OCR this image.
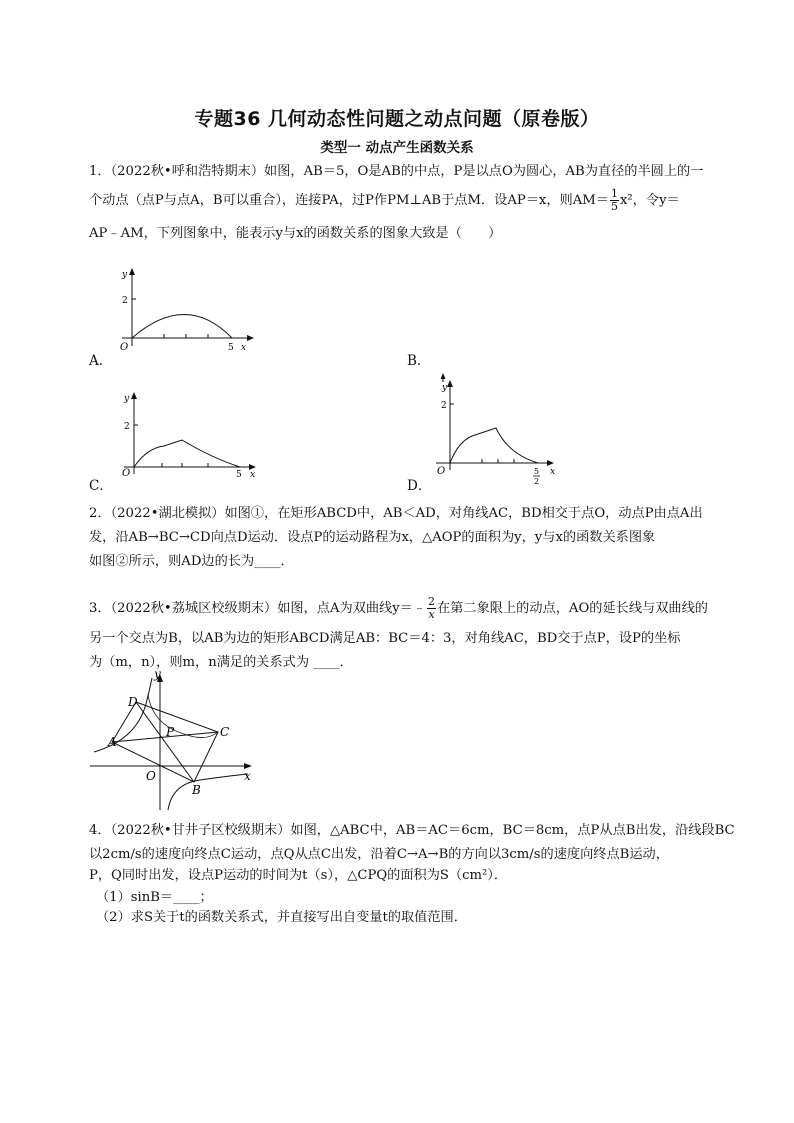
专题36 几何动态性问题之动点问题（原卷版）
类型一 动点产生函数关系
1．（2022秋•呼和浩特期末）如图，AB＝5，O是AB的中点，P是以点O为圆心，AB为直径的半圆上的一
个动点（点P与点A，B可以重合），连接PA，过P作PM⊥AB于点M．设AP＝x，则$AM= \frac{1}{5} x^2$，令y＝
AP﹣AM，下列图象中，能表示y与x的函数关系的图象大致是（　　）
y
2
O	5 x
A．	B．
y
2
O	5 x
C．
y
2
O	5
2
x
D．
2．（2022•湖北模拟）如图①，在矩形ABCD中，AB＜AD，对角线AC，BD相交于点O，动点P由点A出
发，沿AB→BC→CD向点D运动．设点P的运动路程为x，△AOP的面积为y，y与x的函数关系图象
如图②所示，则AD边的长为____．
3．（2022秋•荔城区校级期末）如图，点A为双曲线y＝﹣ $\frac{2}{x}$ 在第二象限上的动点，AO的延长线与双曲线的
另一个交点为B，以AB为边的矩形ABCD满足AB：BC＝4：3，对角线AC，BD交于点P，设P的坐标
为（m，n），则m，n满足的关系式为 ____．
y
x
O
A
B
C
D
P
4．（2022秋•甘井子区校级期末）如图，△ABC中，AB＝AC＝6cm，BC＝8cm，点P从点B出发，沿线段BC
以2cm/s的速度向终点C运动，点Q从点C出发，沿着C→A→B的方向以3cm/s的速度向终点B运动，
P，Q同时出发，设点P运动的时间为t（s），△CPQ的面积为S（cm²）．
（1）sinB＝____；
（2）求S关于t的函数关系式，并直接写出自变量t的取值范围．
